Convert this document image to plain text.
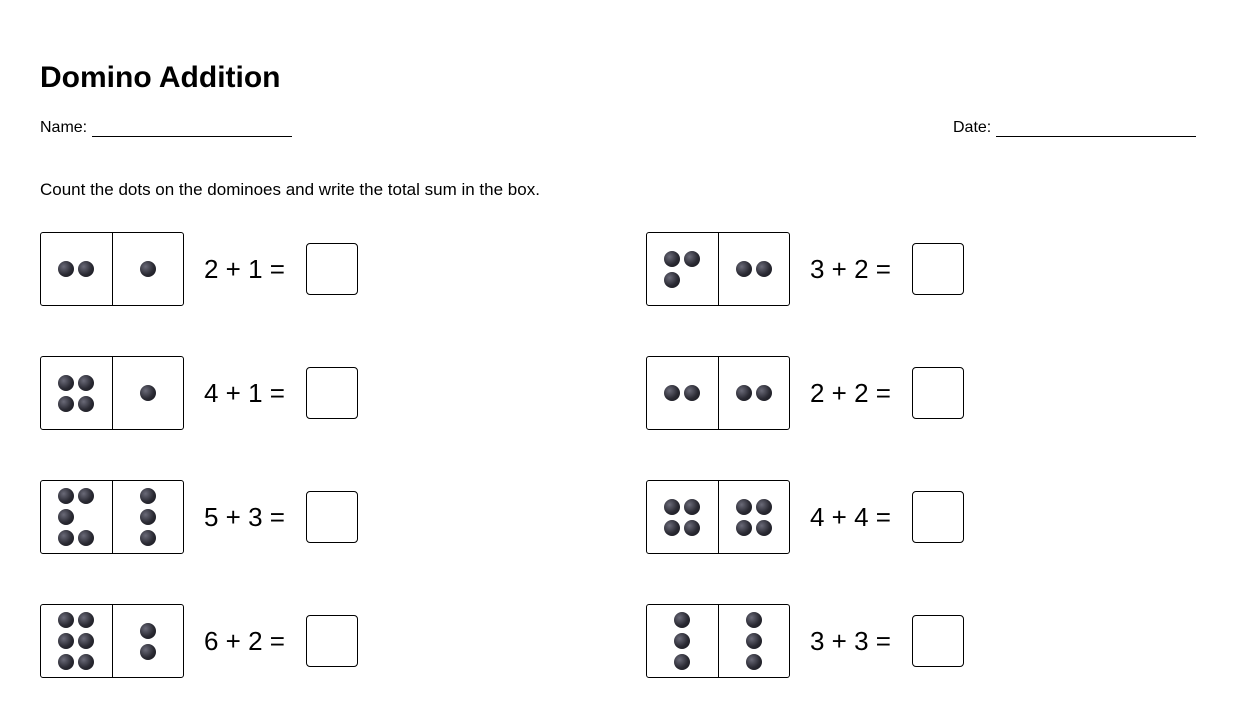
Domino Addition
Name:	Date:
Count the dots on the dominoes and write the total sum in the box.
2 + 1 =	3 + 2 =
4 + 1 =	2 + 2 =
5 + 3 =	4 + 4 =
6 + 2 =	3 + 3 =
